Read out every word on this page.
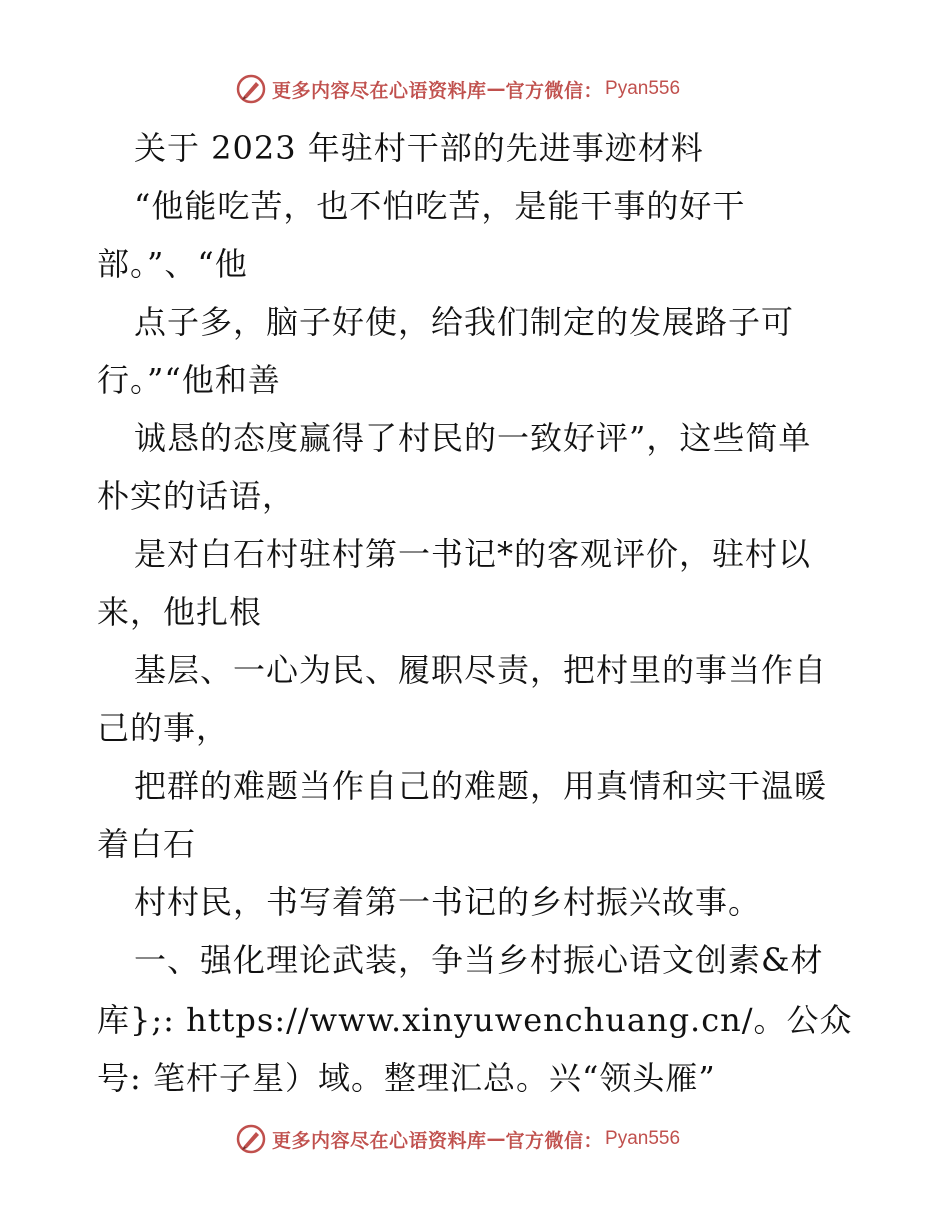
更多内容尽在心语资料库 — 官方微信： Pyan556
关于 2023 年驻村干部的先进事迹材料
“他能吃苦，也不怕吃苦，是能干事的好干
部。”、“他
点子多，脑子好使，给我们制定的发展路子可
行。”“他和善
诚恳的态度赢得了村民的一致好评”，这些简单
朴实的话语，
是对白石村驻村第一书记*的客观评价，驻村以
来，他扎根
基层、一心为民、履职尽责，把村里的事当作自
己的事，
把群的难题当作自己的难题，用真情和实干温暖
着白石
村村民，书写着第一书记的乡村振兴故事。
一、强化理论武装，争当乡村振心语文创素&材
库};: https://www.xinyuwenchuang.cn/。公众
号: 笔杆子星）域。整理汇总。兴“领头雁”
更多内容尽在心语资料库 — 官方微信： Pyan556
